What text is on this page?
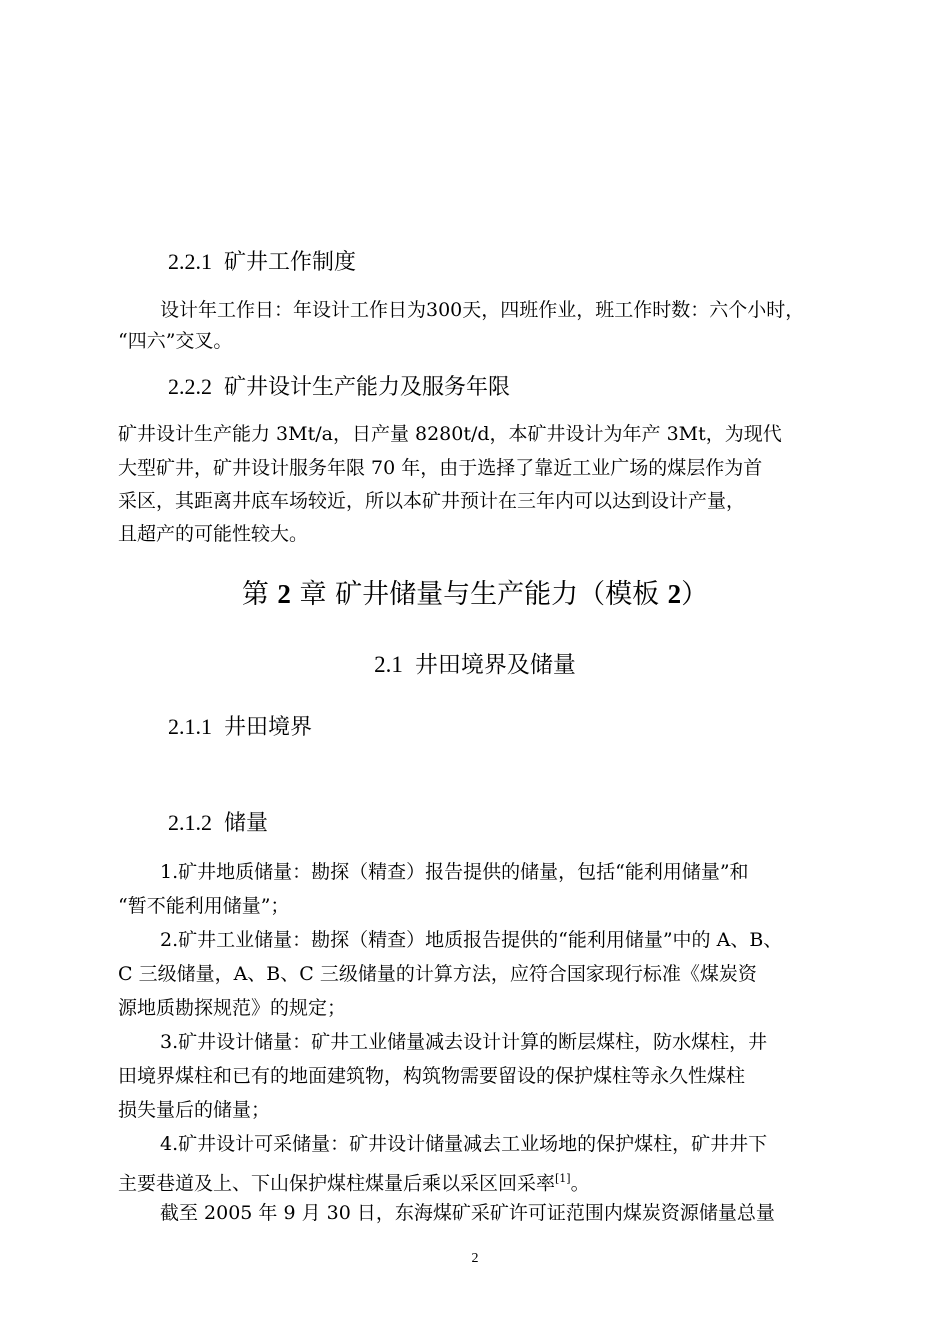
2.2.1 矿井工作制度
设计年工作日：年设计工作日为300天，四班作业，班工作时数：六个小时，
“四六”交叉。
2.2.2 矿井设计生产能力及服务年限
矿井设计生产能力 3Mt/a，日产量 8280t/d，本矿井设计为年产 3Mt，为现代
大型矿井，矿井设计服务年限 70 年，由于选择了靠近工业广场的煤层作为首
采区，其距离井底车场较近，所以本矿井预计在三年内可以达到设计产量，
且超产的可能性较大。
第 2 章 矿井储量与生产能力（模板 2）
2.1 井田境界及储量
2.1.1 井田境界
2.1.2 储量
1.矿井地质储量：勘探（精查）报告提供的储量，包括“能利用储量”和
“暂不能利用储量”；
2.矿井工业储量：勘探（精查）地质报告提供的“能利用储量”中的 A、B、
C 三级储量，A、B、C 三级储量的计算方法，应符合国家现行标准《煤炭资
源地质勘探规范》的规定；
3.矿井设计储量：矿井工业储量减去设计计算的断层煤柱，防水煤柱，井
田境界煤柱和已有的地面建筑物，构筑物需要留设的保护煤柱等永久性煤柱
损失量后的储量；
4.矿井设计可采储量：矿井设计储量减去工业场地的保护煤柱，矿井井下
主要巷道及上、下山保护煤柱煤量后乘以采区回采率[1]。
截至 2005 年 9 月 30 日，东海煤矿采矿许可证范围内煤炭资源储量总量
2
